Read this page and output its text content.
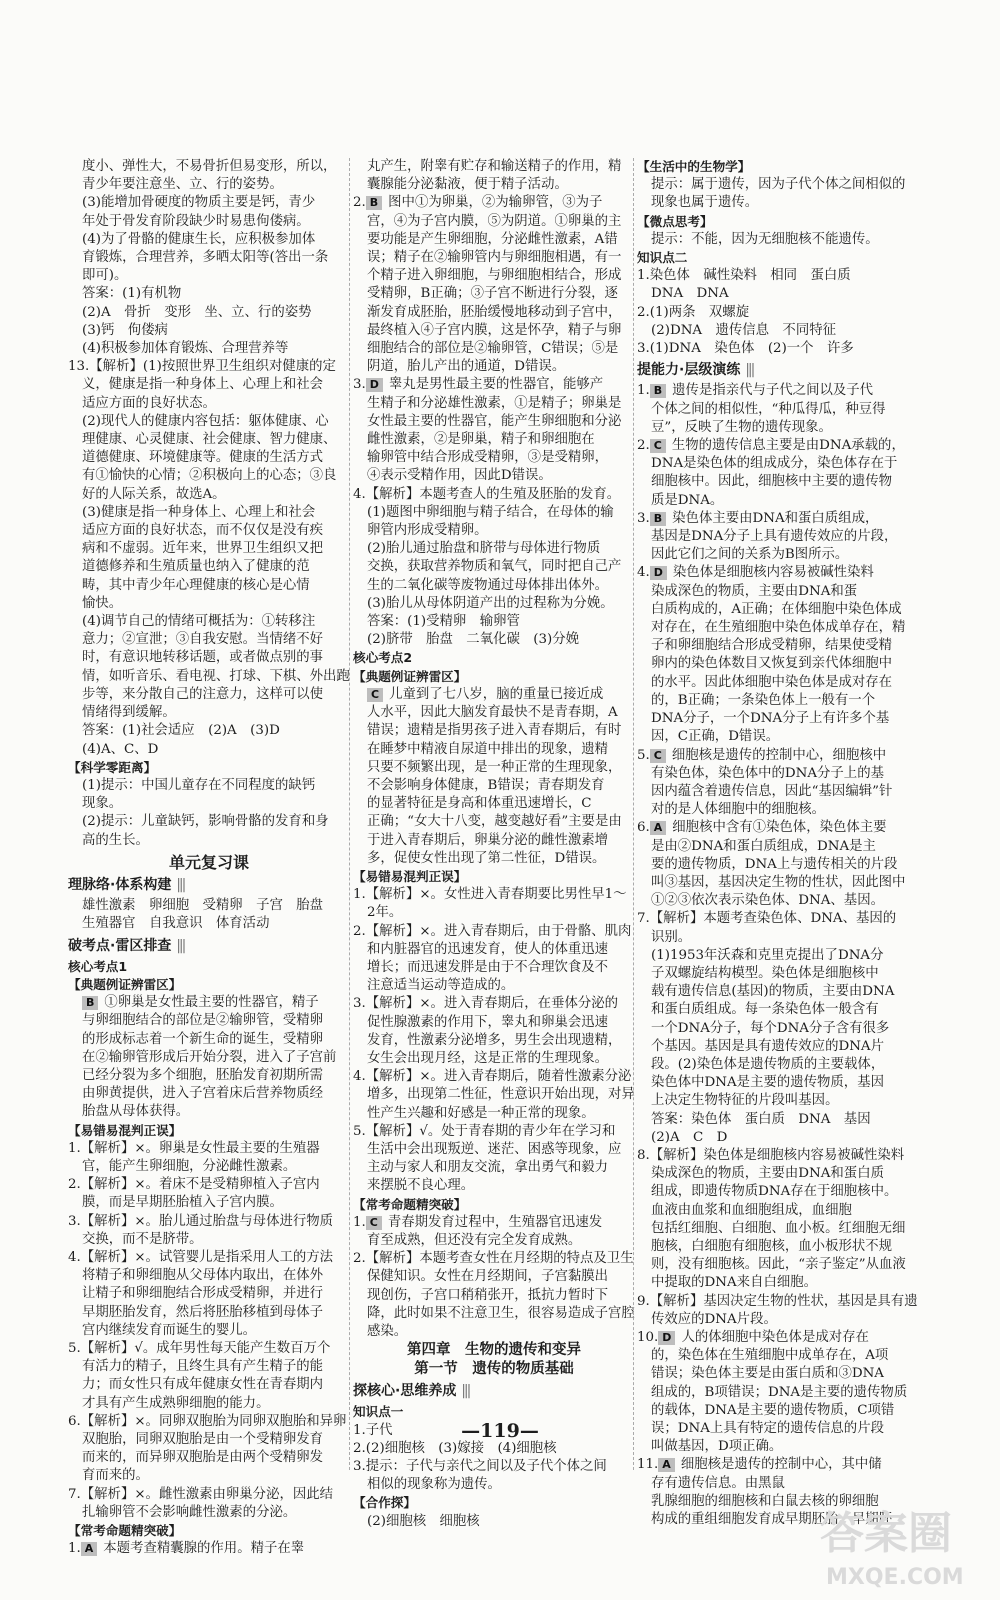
度小、弹性大，不易骨折但易变形，所以，

青少年要注意坐、立、行的姿势。

(3)能增加骨硬度的物质主要是钙，青少

年处于骨发育阶段缺少时易患佝偻病。

(4)为了骨骼的健康生长，应积极参加体

育锻炼，合理营养，多晒太阳等(答出一条

即可)。

答案：(1)有机物

(2)A　骨折　变形　坐、立、行的姿势

(3)钙　佝偻病

(4)积极参加体育锻炼、合理营养等

13.【解析】(1)按照世界卫生组织对健康的定

义，健康是指一种身体上、心理上和社会

适应方面的良好状态。

(2)现代人的健康内容包括：躯体健康、心

理健康、心灵健康、社会健康、智力健康、

道德健康、环境健康等。健康的生活方式

有①愉快的心情；②积极向上的心态；③良

好的人际关系，故选A。

(3)健康是指一种身体上、心理上和社会

适应方面的良好状态，而不仅仅是没有疾

病和不虚弱。近年来，世界卫生组织又把

道德修养和生殖质量也纳入了健康的范

畴，其中青少年心理健康的核心是心情

愉快。

(4)调节自己的情绪可概括为：①转移注

意力；②宣泄；③自我安慰。当情绪不好

时，有意识地转移话题，或者做点别的事

情，如听音乐、看电视、打球、下棋、外出跑

步等，来分散自己的注意力，这样可以使

情绪得到缓解。

答案：(1)社会适应　(2)A　(3)D

(4)A、C、D

【科学零距离】

(1)提示：中国儿童存在不同程度的缺钙

现象。

(2)提示：儿童缺钙，影响骨骼的发育和身

高的生长。

单元复习课
理脉络·体系构建 |||

雄性激素　卵细胞　受精卵　子宫　胎盘

生殖器官　自我意识　体育活动

破考点·雷区排查 |||

核心考点1

【典题例证辨雷区】

B ①卵巢是女性最主要的性器官，精子

与卵细胞结合的部位是②输卵管，受精卵

的形成标志着一个新生命的诞生，受精卵

在②输卵管形成后开始分裂，进入了子宫前

已经分裂为多个细胞，胚胎发育初期所需

由卵黄提供，进入子宫着床后营养物质经

胎盘从母体获得。

【易错易混判正误】

1.【解析】×。卵巢是女性最主要的生殖器

官，能产生卵细胞，分泌雌性激素。

2.【解析】×。着床不是受精卵植入子宫内

膜，而是早期胚胎植入子宫内膜。

3.【解析】×。胎儿通过胎盘与母体进行物质

交换，而不是脐带。

4.【解析】×。试管婴儿是指采用人工的方法

将精子和卵细胞从父母体内取出，在体外

让精子和卵细胞结合形成受精卵，并进行

早期胚胎发育，然后将胚胎移植到母体子

宫内继续发育而诞生的婴儿。

5.【解析】√。成年男性每天能产生数百万个

有活力的精子，且终生具有产生精子的能

力；而女性只有成年健康女性在青春期内

才具有产生成熟卵细胞的能力。

6.【解析】×。同卵双胞胎为同卵双胞胎和异卵

双胞胎，同卵双胞胎是由一个受精卵发育

而来的，而异卵双胞胎是由两个受精卵发

育而来的。

7.【解析】×。雌性激素由卵巢分泌，因此结

扎输卵管不会影响雌性激素的分泌。

【常考命题精突破】

1. A 本题考查精囊腺的作用。精子在睾

丸产生，附睾有贮存和输送精子的作用，精

囊腺能分泌黏液，便于精子活动。

2. B 图中①为卵巢，②为输卵管，③为子

宫，④为子宫内膜，⑤为阴道。①卵巢的主

要功能是产生卵细胞，分泌雌性激素，A错

误；精子在②输卵管内与卵细胞相遇，有一

个精子进入卵细胞，与卵细胞相结合，形成

受精卵，B正确；③子宫不断进行分裂，逐

渐发育成胚胎，胚胎缓慢地移动到子宫中，

最终植入④子宫内膜，这是怀孕，精子与卵

细胞结合的部位是②输卵管，C错误；⑤是

阴道，胎儿产出的通道，D错误。

3. D 睾丸是男性最主要的性器官，能够产

生精子和分泌雄性激素，①是精子；卵巢是

女性最主要的性器官，能产生卵细胞和分泌

雌性激素，②是卵巢，精子和卵细胞在

输卵管中结合形成受精卵，③是受精卵，

④表示受精作用，因此D错误。

4.【解析】本题考查人的生殖及胚胎的发育。

(1)题图中卵细胞与精子结合，在母体的输

卵管内形成受精卵。

(2)胎儿通过胎盘和脐带与母体进行物质

交换，获取营养物质和氧气，同时把自己产

生的二氧化碳等废物通过母体排出体外。

(3)胎儿从母体阴道产出的过程称为分娩。

答案：(1)受精卵　输卵管

(2)脐带　胎盘　二氧化碳　(3)分娩

核心考点2

【典题例证辨雷区】

C 儿童到了七八岁，脑的重量已接近成

人水平，因此大脑发育最快不是青春期，A

错误；遗精是指男孩子进入青春期后，有时

在睡梦中精液自尿道中排出的现象，遗精

只要不频繁出现，是一种正常的生理现象，

不会影响身体健康，B错误；青春期发育

的显著特征是身高和体重迅速增长，C

正确；“女大十八变，越变越好看”主要是由

于进入青春期后，卵巢分泌的雌性激素增

多，促使女性出现了第二性征，D错误。

【易错易混判正误】

1.【解析】×。女性进入青春期要比男性早1～

2年。

2.【解析】×。进入青春期后，由于骨骼、肌肉

和内脏器官的迅速发育，使人的体重迅速

增长；而迅速发胖是由于不合理饮食及不

注意适当运动等造成的。

3.【解析】×。进入青春期后，在垂体分泌的

促性腺激素的作用下，睾丸和卵巢会迅速

发育，性激素分泌增多，男生会出现遗精，

女生会出现月经，这是正常的生理现象。

4.【解析】×。进入青春期后，随着性激素分泌

增多，出现第二性征，性意识开始出现，对异

性产生兴趣和好感是一种正常的现象。

5.【解析】√。处于青春期的青少年在学习和

生活中会出现叛逆、迷茫、困惑等现象，应

主动与家人和朋友交流，拿出勇气和毅力

来摆脱不良心理。

【常考命题精突破】

1. C 青春期发育过程中，生殖器官迅速发

育至成熟，但还没有完全发育成熟。

2.【解析】本题考查女性在月经期的特点及卫生

保健知识。女性在月经期间，子宫黏膜出

现创伤，子宫口稍稍张开，抵抗力暂时下

降，此时如果不注意卫生，很容易造成子宫腔

感染。

第四章　生物的遗传和变异
第一节　遗传的物质基础
探核心·思维养成 |||

知识点一

1.子代

2.(2)细胞核　(3)嫁接　(4)细胞核

3.提示：子代与亲代之间以及子代个体之间

相似的现象称为遗传。

【合作探】

(2)细胞核　细胞核

【生活中的生物学】

提示：属于遗传，因为子代个体之间相似的

现象也属于遗传。

【微点思考】

提示：不能，因为无细胞核不能遗传。

知识点二

1.染色体　碱性染料　相同　蛋白质

DNA　DNA

2.(1)两条　双螺旋

(2)DNA　遗传信息　不同特征

3.(1)DNA　染色体　(2)一个　许多

提能力·层级演练 |||

1. B 遗传是指亲代与子代之间以及子代

个体之间的相似性，“种瓜得瓜，种豆得

豆”，反映了生物的遗传现象。

2. C 生物的遗传信息主要是由DNA承载的，

DNA是染色体的组成成分，染色体存在于

细胞核中。因此，细胞核中主要的遗传物

质是DNA。

3. B 染色体主要由DNA和蛋白质组成，

基因是DNA分子上具有遗传效应的片段，

因此它们之间的关系为B图所示。

4. D 染色体是细胞核内容易被碱性染料

染成深色的物质，主要由DNA和蛋

白质构成的，A正确；在体细胞中染色体成

对存在，在生殖细胞中染色体成单存在，精

子和卵细胞结合形成受精卵，结果使受精

卵内的染色体数目又恢复到亲代体细胞中

的水平。因此体细胞中染色体是成对存在

的，B正确；一条染色体上一般有一个

DNA分子，一个DNA分子上有许多个基

因，C正确，D错误。

5. C 细胞核是遗传的控制中心，细胞核中

有染色体，染色体中的DNA分子上的基

因内蕴含着遗传信息，因此“基因编辑”针

对的是人体细胞中的细胞核。

6. A 细胞核中含有①染色体，染色体主要

是由②DNA和蛋白质组成，DNA是主

要的遗传物质，DNA上与遗传相关的片段

叫③基因，基因决定生物的性状，因此图中

①②③依次表示染色体、DNA、基因。

7.【解析】本题考查染色体、DNA、基因的

识别。

(1)1953年沃森和克里克提出了DNA分

子双螺旋结构模型。染色体是细胞核中

载有遗传信息(基因)的物质，主要由DNA

和蛋白质组成。每一条染色体一般含有

一个DNA分子，每个DNA分子含有很多

个基因。基因是具有遗传效应的DNA片

段。(2)染色体是遗传物质的主要载体，

染色体中DNA是主要的遗传物质，基因

上决定生物特征的片段叫基因。

答案：染色体　蛋白质　DNA　基因

(2)A　C　D

8.【解析】染色体是细胞核内容易被碱性染料

染成深色的物质，主要由DNA和蛋白质

组成，即遗传物质DNA存在于细胞核中。

血液由血浆和血细胞组成，血细胞

包括红细胞、白细胞、血小板。红细胞无细

胞核，白细胞有细胞核，血小板形状不规

则，没有细胞核。因此，“亲子鉴定”从血液

中提取的DNA来自白细胞。

9.【解析】基因决定生物的性状，基因是具有遗

传效应的DNA片段。

10. D 人的体细胞中染色体是成对存在

的，染色体在生殖细胞中成单存在，A项

错误；染色体主要是由蛋白质和③DNA

组成的，B项错误；DNA是主要的遗传物质

的载体，DNA是主要的遗传物质，C项错

误；DNA上具有特定的遗传信息的片段

叫做基因，D项正确。

11. A 细胞核是遗传的控制中心，其中储

存有遗传信息。由黑鼠

乳腺细胞的细胞核和白鼠去核的卵细胞

构成的重组细胞发育成早期胚胎，早期胚

—119—
答案圈
MXQE.COM
